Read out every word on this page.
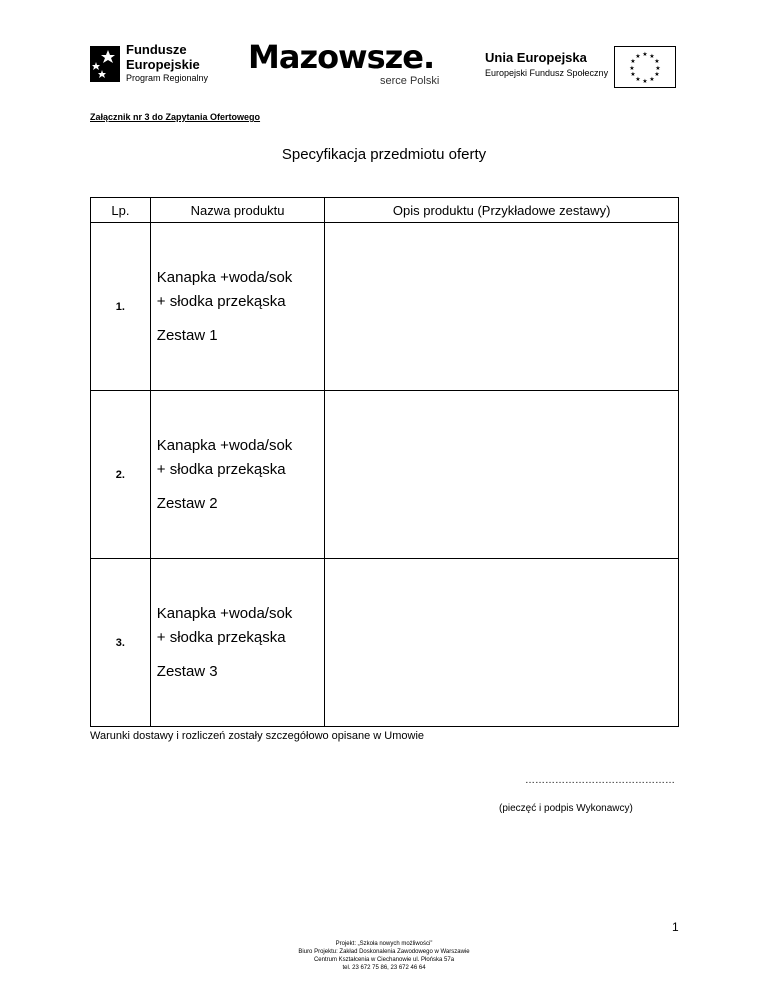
Fundusze
Europejskie
Program Regionalny
Mazowsze.
serce Polski
Unia Europejska
Europejski Fundusz Społeczny
★ ★
★
★
★
★
★
★
★
★
★
★
Załącznik nr 3 do Zapytania Ofertowego
Specyfikacja przedmiotu oferty
Lp.	Nazwa produktu	Opis produktu (Przykładowe zestawy)
1.	Kanapka +woda/sok
+ słodka przekąska
Zestaw 1	

2.	Kanapka +woda/sok
+ słodka przekąska
Zestaw 2	

3.	Kanapka +woda/sok
+ słodka przekąska
Zestaw 3	

Warunki dostawy i rozliczeń zostały szczegółowo opisane w Umowie
………………………………………
(pieczęć i podpis Wykonawcy)
1
Projekt: „Szkoła nowych możliwości”
Biuro Projektu: Zakład Doskonalenia Zawodowego w Warszawie
Centrum Kształcenia w Ciechanowie ul. Płońska 57a
tel. 23 672 75 86, 23 672 46 64
